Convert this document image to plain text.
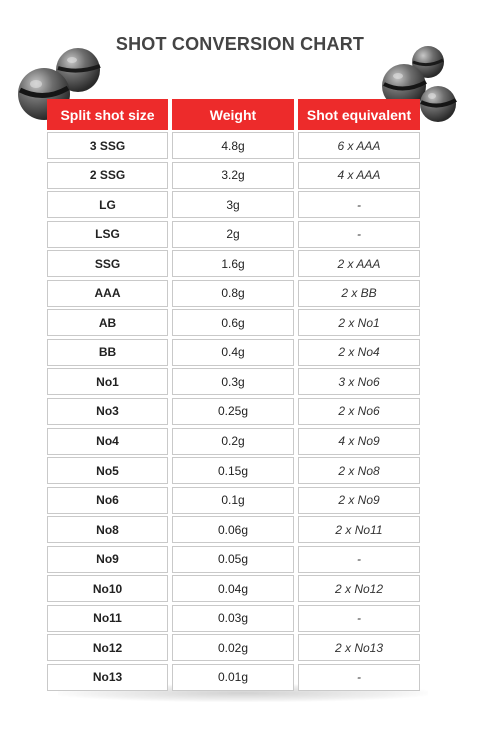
SHOT CONVERSION CHART
Split shot size	Weight	Shot equivalent
3 SSG	4.8g	6 x AAA
2 SSG	3.2g	4 x AAA
LG	3g	-
LSG	2g	-
SSG	1.6g	2 x AAA
AAA	0.8g	2 x BB
AB	0.6g	2 x No1
BB	0.4g	2 x No4
No1	0.3g	3 x No6
No3	0.25g	2 x No6
No4	0.2g	4 x No9
No5	0.15g	2 x No8
No6	0.1g	2 x No9
No8	0.06g	2 x No11
No9	0.05g	-
No10	0.04g	2 x No12
No11	0.03g	-
No12	0.02g	2 x No13
No13	0.01g	-
